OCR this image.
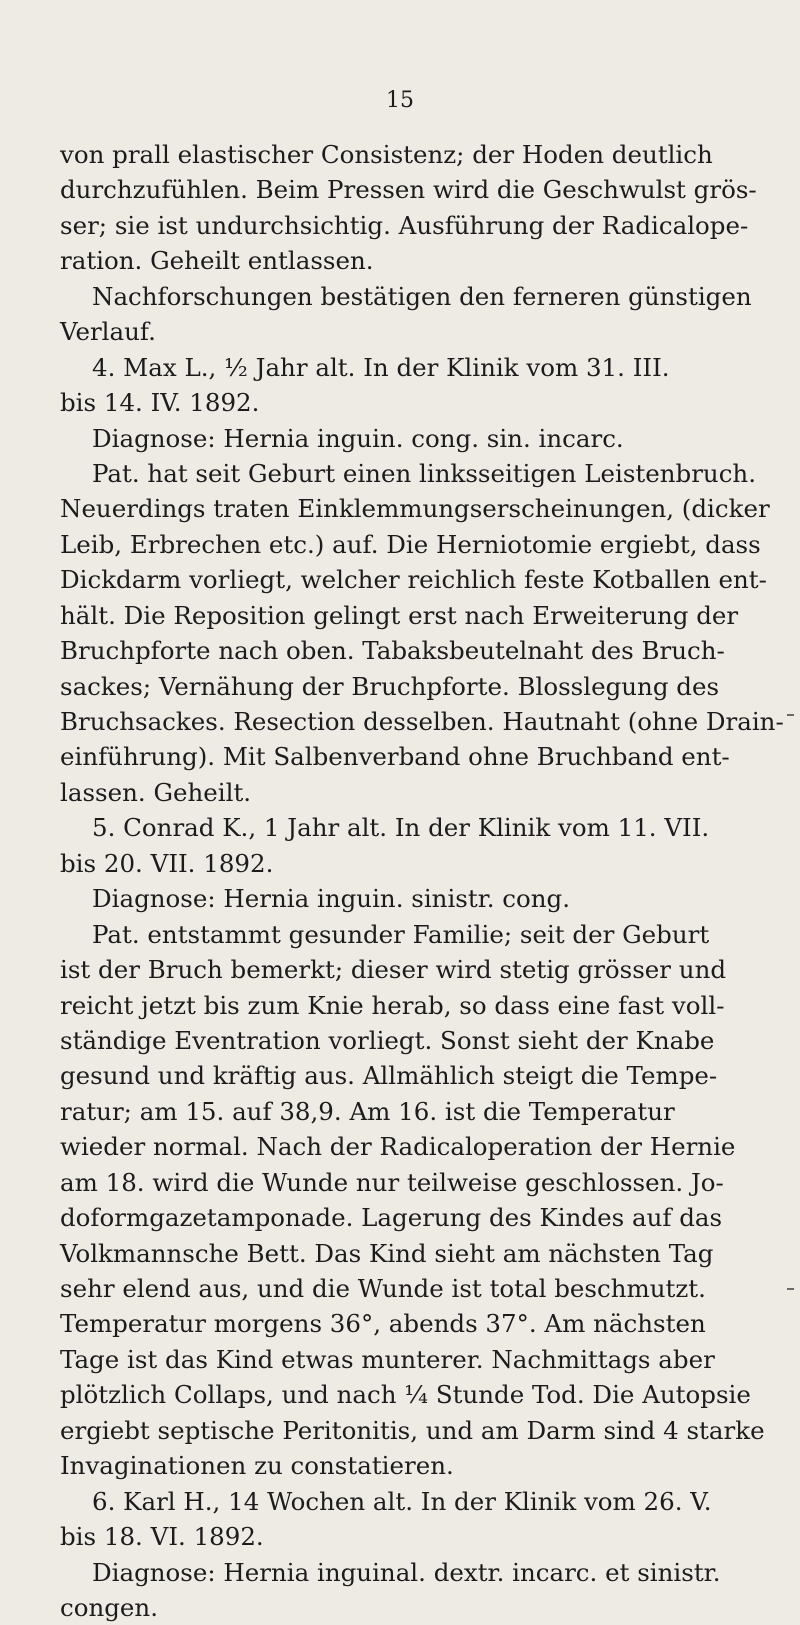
15
von prall elastischer Consistenz; der Hoden deutlich
durchzufühlen. Beim Pressen wird die Geschwulst grös-
ser; sie ist undurchsichtig. Ausführung der Radicalope-
ration. Geheilt entlassen.
Nachforschungen bestätigen den ferneren günstigen
Verlauf.
4. Max L., ½ Jahr alt. In der Klinik vom 31. III.
bis 14. IV. 1892.
Diagnose: Hernia inguin. cong. sin. incarc.
Pat. hat seit Geburt einen linksseitigen Leistenbruch.
Neuerdings traten Einklemmungserscheinungen, (dicker
Leib, Erbrechen etc.) auf. Die Herniotomie ergiebt, dass
Dickdarm vorliegt, welcher reichlich feste Kotballen ent-
hält. Die Reposition gelingt erst nach Erweiterung der
Bruchpforte nach oben. Tabaksbeutelnaht des Bruch-
sackes; Vernähung der Bruchpforte. Blosslegung des
Bruchsackes. Resection desselben. Hautnaht (ohne Drain-
einführung). Mit Salbenverband ohne Bruchband ent-
lassen. Geheilt.
5. Conrad K., 1 Jahr alt. In der Klinik vom 11. VII.
bis 20. VII. 1892.
Diagnose: Hernia inguin. sinistr. cong.
Pat. entstammt gesunder Familie; seit der Geburt
ist der Bruch bemerkt; dieser wird stetig grösser und
reicht jetzt bis zum Knie herab, so dass eine fast voll-
ständige Eventration vorliegt. Sonst sieht der Knabe
gesund und kräftig aus. Allmählich steigt die Tempe-
ratur; am 15. auf 38,9. Am 16. ist die Temperatur
wieder normal. Nach der Radicaloperation der Hernie
am 18. wird die Wunde nur teilweise geschlossen. Jo-
doformgazetamponade. Lagerung des Kindes auf das
Volkmannsche Bett. Das Kind sieht am nächsten Tag
sehr elend aus, und die Wunde ist total beschmutzt.
Temperatur morgens 36°, abends 37°. Am nächsten
Tage ist das Kind etwas munterer. Nachmittags aber
plötzlich Collaps, und nach ¼ Stunde Tod. Die Autopsie
ergiebt septische Peritonitis, und am Darm sind 4 starke
Invaginationen zu constatieren.
6. Karl H., 14 Wochen alt. In der Klinik vom 26. V.
bis 18. VI. 1892.
Diagnose: Hernia inguinal. dextr. incarc. et sinistr.
congen.
